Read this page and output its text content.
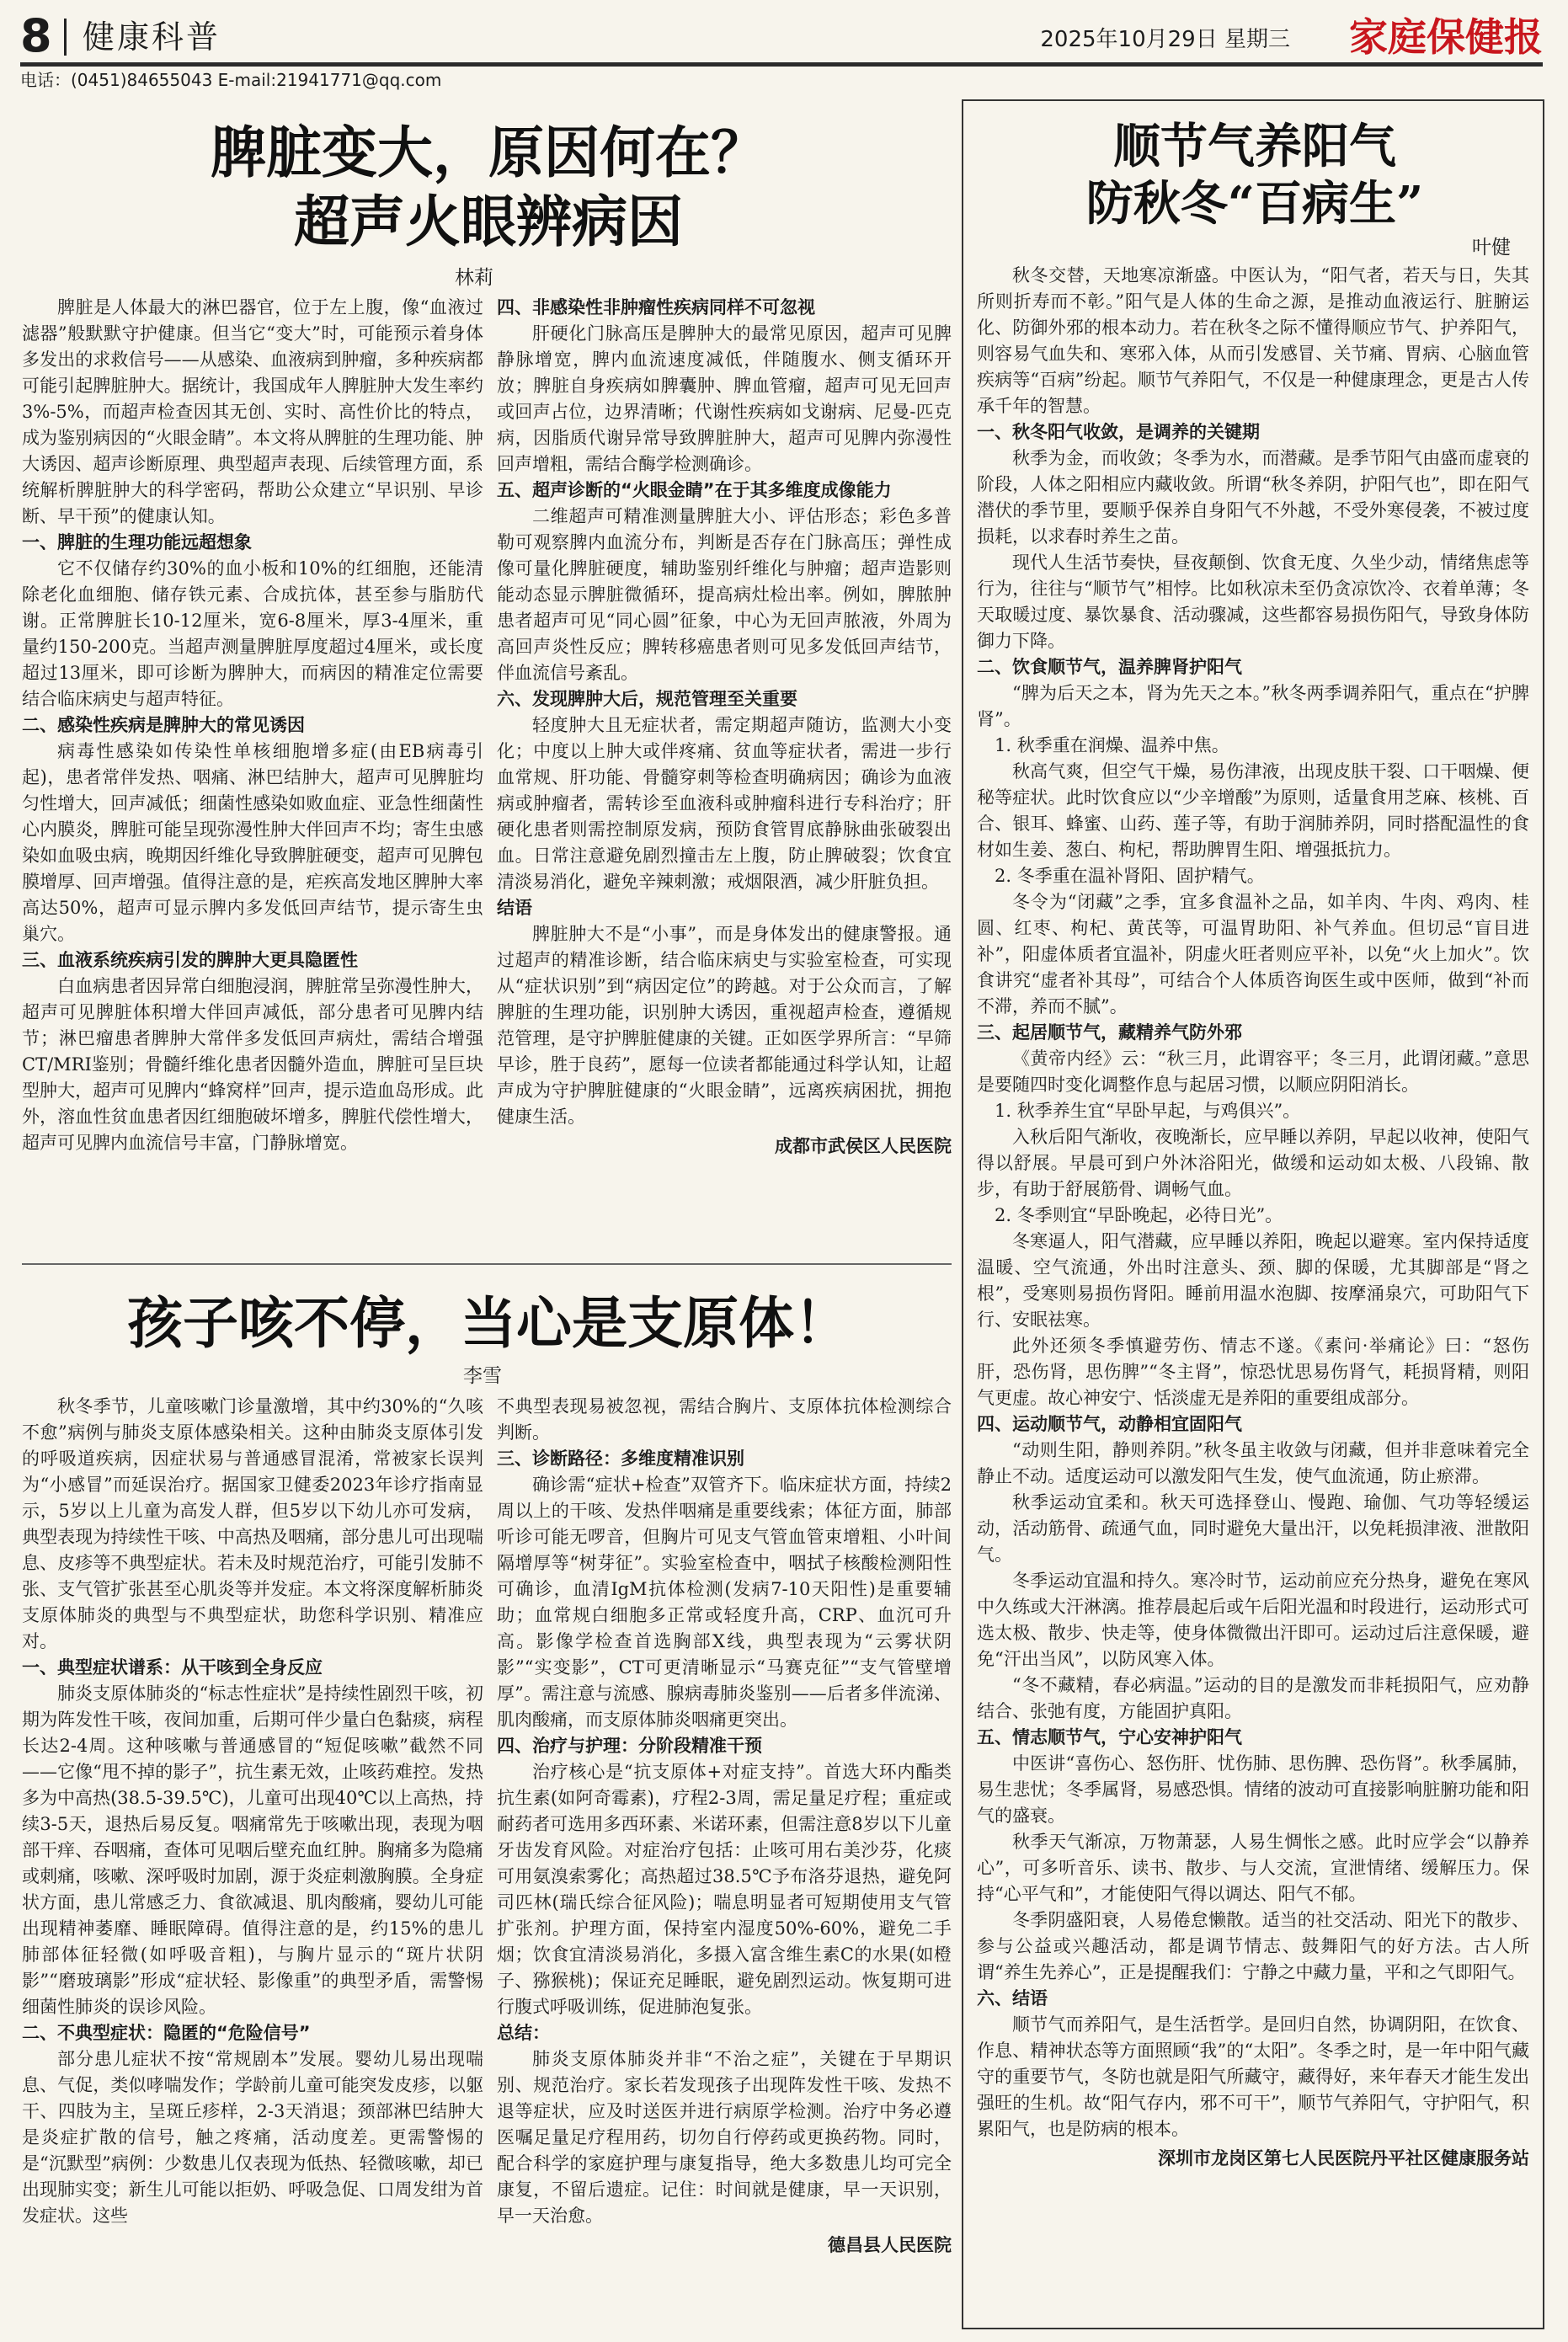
8 健康科普	2025年10月29日 星期三 家庭保健报
电话：(0451)84655043 E-mail:21941771@qq.com
脾脏变大，原因何在？
超声火眼辨病因
林莉

脾脏是人体最大的淋巴器官，位于左上腹，像“血液过滤器”般默默守护健康。但当它“变大”时，可能预示着身体多发出的求救信号——从感染、血液病到肿瘤，多种疾病都可能引起脾脏肿大。据统计，我国成年人脾脏肿大发生率约3%-5%，而超声检查因其无创、实时、高性价比的特点，成为鉴别病因的“火眼金睛”。本文将从脾脏的生理功能、肿大诱因、超声诊断原理、典型超声表现、后续管理方面，系统解析脾脏肿大的科学密码，帮助公众建立“早识别、早诊断、早干预”的健康认知。

一、脾脏的生理功能远超想象

它不仅储存约30%的血小板和10%的红细胞，还能清除老化血细胞、储存铁元素、合成抗体，甚至参与脂肪代谢。正常脾脏长10-12厘米，宽6-8厘米，厚3-4厘米，重量约150-200克。当超声测量脾脏厚度超过4厘米，或长度超过13厘米，即可诊断为脾肿大，而病因的精准定位需要结合临床病史与超声特征。

二、感染性疾病是脾肿大的常见诱因

病毒性感染如传染性单核细胞增多症(由EB病毒引起)，患者常伴发热、咽痛、淋巴结肿大，超声可见脾脏均匀性增大，回声减低；细菌性感染如败血症、亚急性细菌性心内膜炎，脾脏可能呈现弥漫性肿大伴回声不均；寄生虫感染如血吸虫病，晚期因纤维化导致脾脏硬变，超声可见脾包膜增厚、回声增强。值得注意的是，疟疾高发地区脾肿大率高达50%，超声可显示脾内多发低回声结节，提示寄生虫巢穴。

三、血液系统疾病引发的脾肿大更具隐匿性

白血病患者因异常白细胞浸润，脾脏常呈弥漫性肿大，超声可见脾脏体积增大伴回声减低，部分患者可见脾内结节；淋巴瘤患者脾肿大常伴多发低回声病灶，需结合增强CT/MRI鉴别；骨髓纤维化患者因髓外造血，脾脏可呈巨块型肿大，超声可见脾内“蜂窝样”回声，提示造血岛形成。此外，溶血性贫血患者因红细胞破坏增多，脾脏代偿性增大，超声可见脾内血流信号丰富，门静脉增宽。

四、非感染性非肿瘤性疾病同样不可忽视

肝硬化门脉高压是脾肿大的最常见原因，超声可见脾静脉增宽，脾内血流速度减低，伴随腹水、侧支循环开放；脾脏自身疾病如脾囊肿、脾血管瘤，超声可见无回声或回声占位，边界清晰；代谢性疾病如戈谢病、尼曼-匹克病，因脂质代谢异常导致脾脏肿大，超声可见脾内弥漫性回声增粗，需结合酶学检测确诊。

五、超声诊断的“火眼金睛”在于其多维度成像能力

二维超声可精准测量脾脏大小、评估形态；彩色多普勒可观察脾内血流分布，判断是否存在门脉高压；弹性成像可量化脾脏硬度，辅助鉴别纤维化与肿瘤；超声造影则能动态显示脾脏微循环，提高病灶检出率。例如，脾脓肿患者超声可见“同心圆”征象，中心为无回声脓液，外周为高回声炎性反应；脾转移癌患者则可见多发低回声结节，伴血流信号紊乱。

六、发现脾肿大后，规范管理至关重要

轻度肿大且无症状者，需定期超声随访，监测大小变化；中度以上肿大或伴疼痛、贫血等症状者，需进一步行血常规、肝功能、骨髓穿刺等检查明确病因；确诊为血液病或肿瘤者，需转诊至血液科或肿瘤科进行专科治疗；肝硬化患者则需控制原发病，预防食管胃底静脉曲张破裂出血。日常注意避免剧烈撞击左上腹，防止脾破裂；饮食宜清淡易消化，避免辛辣刺激；戒烟限酒，减少肝脏负担。

结语

脾脏肿大不是“小事”，而是身体发出的健康警报。通过超声的精准诊断，结合临床病史与实验室检查，可实现从“症状识别”到“病因定位”的跨越。对于公众而言，了解脾脏的生理功能，识别肿大诱因，重视超声检查，遵循规范管理，是守护脾脏健康的关键。正如医学界所言：“早筛早诊，胜于良药”，愿每一位读者都能通过科学认知，让超声成为守护脾脏健康的“火眼金睛”，远离疾病困扰，拥抱健康生活。

成都市武侯区人民医院

孩子咳不停，当心是支原体！
李雪

秋冬季节，儿童咳嗽门诊量激增，其中约30%的“久咳不愈”病例与肺炎支原体感染相关。这种由肺炎支原体引发的呼吸道疾病，因症状易与普通感冒混淆，常被家长误判为“小感冒”而延误治疗。据国家卫健委2023年诊疗指南显示，5岁以上儿童为高发人群，但5岁以下幼儿亦可发病，典型表现为持续性干咳、中高热及咽痛，部分患儿可出现喘息、皮疹等不典型症状。若未及时规范治疗，可能引发肺不张、支气管扩张甚至心肌炎等并发症。本文将深度解析肺炎支原体肺炎的典型与不典型症状，助您科学识别、精准应对。

一、典型症状谱系：从干咳到全身反应

肺炎支原体肺炎的“标志性症状”是持续性剧烈干咳，初期为阵发性干咳，夜间加重，后期可伴少量白色黏痰，病程长达2-4周。这种咳嗽与普通感冒的“短促咳嗽”截然不同——它像“甩不掉的影子”，抗生素无效，止咳药难控。发热多为中高热(38.5-39.5℃)，儿童可出现40℃以上高热，持续3-5天，退热后易反复。咽痛常先于咳嗽出现，表现为咽部干痒、吞咽痛，查体可见咽后壁充血红肿。胸痛多为隐痛或刺痛，咳嗽、深呼吸时加剧，源于炎症刺激胸膜。全身症状方面，患儿常感乏力、食欲减退、肌肉酸痛，婴幼儿可能出现精神萎靡、睡眠障碍。值得注意的是，约15%的患儿肺部体征轻微(如呼吸音粗)，与胸片显示的“斑片状阴影”“磨玻璃影”形成“症状轻、影像重”的典型矛盾，需警惕细菌性肺炎的误诊风险。

二、不典型症状：隐匿的“危险信号”

部分患儿症状不按“常规剧本”发展。婴幼儿易出现喘息、气促，类似哮喘发作；学龄前儿童可能突发皮疹，以躯干、四肢为主，呈斑丘疹样，2-3天消退；颈部淋巴结肿大是炎症扩散的信号，触之疼痛，活动度差。更需警惕的是“沉默型”病例：少数患儿仅表现为低热、轻微咳嗽，却已出现肺实变；新生儿可能以拒奶、呼吸急促、口周发绀为首发症状。这些

不典型表现易被忽视，需结合胸片、支原体抗体检测综合判断。

三、诊断路径：多维度精准识别

确诊需“症状+检查”双管齐下。临床症状方面，持续2周以上的干咳、发热伴咽痛是重要线索；体征方面，肺部听诊可能无啰音，但胸片可见支气管血管束增粗、小叶间隔增厚等“树芽征”。实验室检查中，咽拭子核酸检测阳性可确诊，血清IgM抗体检测(发病7-10天阳性)是重要辅助；血常规白细胞多正常或轻度升高，CRP、血沉可升高。影像学检查首选胸部X线，典型表现为“云雾状阴影”“实变影”，CT可更清晰显示“马赛克征”“支气管壁增厚”。需注意与流感、腺病毒肺炎鉴别——后者多伴流涕、肌肉酸痛，而支原体肺炎咽痛更突出。

四、治疗与护理：分阶段精准干预

治疗核心是“抗支原体+对症支持”。首选大环内酯类抗生素(如阿奇霉素)，疗程2-3周，需足量足疗程；重症或耐药者可选用多西环素、米诺环素，但需注意8岁以下儿童牙齿发育风险。对症治疗包括：止咳可用右美沙芬，化痰可用氨溴索雾化；高热超过38.5℃予布洛芬退热，避免阿司匹林(瑞氏综合征风险)；喘息明显者可短期使用支气管扩张剂。护理方面，保持室内湿度50%-60%，避免二手烟；饮食宜清淡易消化，多摄入富含维生素C的水果(如橙子、猕猴桃)；保证充足睡眠，避免剧烈运动。恢复期可进行腹式呼吸训练，促进肺泡复张。

总结：

肺炎支原体肺炎并非“不治之症”，关键在于早期识别、规范治疗。家长若发现孩子出现阵发性干咳、发热不退等症状，应及时送医并进行病原学检测。治疗中务必遵医嘱足量足疗程用药，切勿自行停药或更换药物。同时，配合科学的家庭护理与康复指导，绝大多数患儿均可完全康复，不留后遗症。记住：时间就是健康，早一天识别，早一天治愈。

德昌县人民医院

顺节气养阳气
防秋冬“百病生”
叶健

秋冬交替，天地寒凉渐盛。中医认为，“阳气者，若天与日，失其所则折寿而不彰。”阳气是人体的生命之源，是推动血液运行、脏腑运化、防御外邪的根本动力。若在秋冬之际不懂得顺应节气、护养阳气，则容易气血失和、寒邪入体，从而引发感冒、关节痛、胃病、心脑血管疾病等“百病”纷起。顺节气养阳气，不仅是一种健康理念，更是古人传承千年的智慧。

一、秋冬阳气收敛，是调养的关键期

秋季为金，而收敛；冬季为水，而潜藏。是季节阳气由盛而虚衰的阶段，人体之阳相应内藏收敛。所谓“秋冬养阴，护阳气也”，即在阳气潜伏的季节里，要顺乎保养自身阳气不外越，不受外寒侵袭，不被过度损耗，以求春时养生之苗。

现代人生活节奏快，昼夜颠倒、饮食无度、久坐少动，情绪焦虑等行为，往往与“顺节气”相悖。比如秋凉未至仍贪凉饮冷、衣着单薄；冬天取暖过度、暴饮暴食、活动骤减，这些都容易损伤阳气，导致身体防御力下降。

二、饮食顺节气，温养脾肾护阳气

“脾为后天之本，肾为先天之本。”秋冬两季调养阳气，重点在“护脾肾”。

1. 秋季重在润燥、温养中焦。

秋高气爽，但空气干燥，易伤津液，出现皮肤干裂、口干咽燥、便秘等症状。此时饮食应以“少辛增酸”为原则，适量食用芝麻、核桃、百合、银耳、蜂蜜、山药、莲子等，有助于润肺养阴，同时搭配温性的食材如生姜、葱白、枸杞，帮助脾胃生阳、增强抵抗力。

2. 冬季重在温补肾阳、固护精气。

冬令为“闭藏”之季，宜多食温补之品，如羊肉、牛肉、鸡肉、桂圆、红枣、枸杞、黄芪等，可温胃助阳、补气养血。但切忌“盲目进补”，阳虚体质者宜温补，阴虚火旺者则应平补，以免“火上加火”。饮食讲究“虚者补其母”，可结合个人体质咨询医生或中医师，做到“补而不滞，养而不腻”。

三、起居顺节气，藏精养气防外邪

《黄帝内经》云：“秋三月，此谓容平；冬三月，此谓闭藏。”意思是要随四时变化调整作息与起居习惯，以顺应阴阳消长。

1. 秋季养生宜“早卧早起，与鸡俱兴”。

入秋后阳气渐收，夜晚渐长，应早睡以养阴，早起以收神，使阳气得以舒展。早晨可到户外沐浴阳光，做缓和运动如太极、八段锦、散步，有助于舒展筋骨、调畅气血。

2. 冬季则宜“早卧晚起，必待日光”。

冬寒逼人，阳气潜藏，应早睡以养阳，晚起以避寒。室内保持适度温暖、空气流通，外出时注意头、颈、脚的保暖，尤其脚部是“肾之根”，受寒则易损伤肾阳。睡前用温水泡脚、按摩涌泉穴，可助阳气下行、安眠祛寒。

此外还须冬季慎避劳伤、情志不遂。《素问·举痛论》曰：“怒伤肝，恐伤肾，思伤脾”“冬主肾”，惊恐忧思易伤肾气，耗损肾精，则阳气更虚。故心神安宁、恬淡虚无是养阳的重要组成部分。

四、运动顺节气，动静相宜固阳气

“动则生阳，静则养阴。”秋冬虽主收敛与闭藏，但并非意味着完全静止不动。适度运动可以激发阳气生发，使气血流通，防止瘀滞。

秋季运动宜柔和。秋天可选择登山、慢跑、瑜伽、气功等轻缓运动，活动筋骨、疏通气血，同时避免大量出汗，以免耗损津液、泄散阳气。

冬季运动宜温和持久。寒冷时节，运动前应充分热身，避免在寒风中久练或大汗淋漓。推荐晨起后或午后阳光温和时段进行，运动形式可选太极、散步、快走等，使身体微微出汗即可。运动过后注意保暖，避免“汗出当风”，以防风寒入体。

“冬不藏精，春必病温。”运动的目的是激发而非耗损阳气，应劝静结合、张弛有度，方能固护真阳。

五、情志顺节气，宁心安神护阳气

中医讲“喜伤心、怒伤肝、忧伤肺、思伤脾、恐伤肾”。秋季属肺，易生悲忧；冬季属肾，易感恐惧。情绪的波动可直接影响脏腑功能和阳气的盛衰。

秋季天气渐凉，万物萧瑟，人易生惆怅之感。此时应学会“以静养心”，可多听音乐、读书、散步、与人交流，宣泄情绪、缓解压力。保持“心平气和”，才能使阳气得以调达、阳气不郁。

冬季阴盛阳衰，人易倦怠懒散。适当的社交活动、阳光下的散步、参与公益或兴趣活动，都是调节情志、鼓舞阳气的好方法。古人所谓“养生先养心”，正是提醒我们：宁静之中藏力量，平和之气即阳气。

六、结语

顺节气而养阳气，是生活哲学。是回归自然，协调阴阳，在饮食、作息、精神状态等方面照顾“我”的“太阳”。冬季之时，是一年中阳气藏守的重要节气，冬防也就是阳气所藏守，藏得好，来年春天才能生发出强旺的生机。故“阳气存内，邪不可干”，顺节气养阳气，守护阳气，积累阳气，也是防病的根本。

深圳市龙岗区第七人民医院丹平社区健康服务站
